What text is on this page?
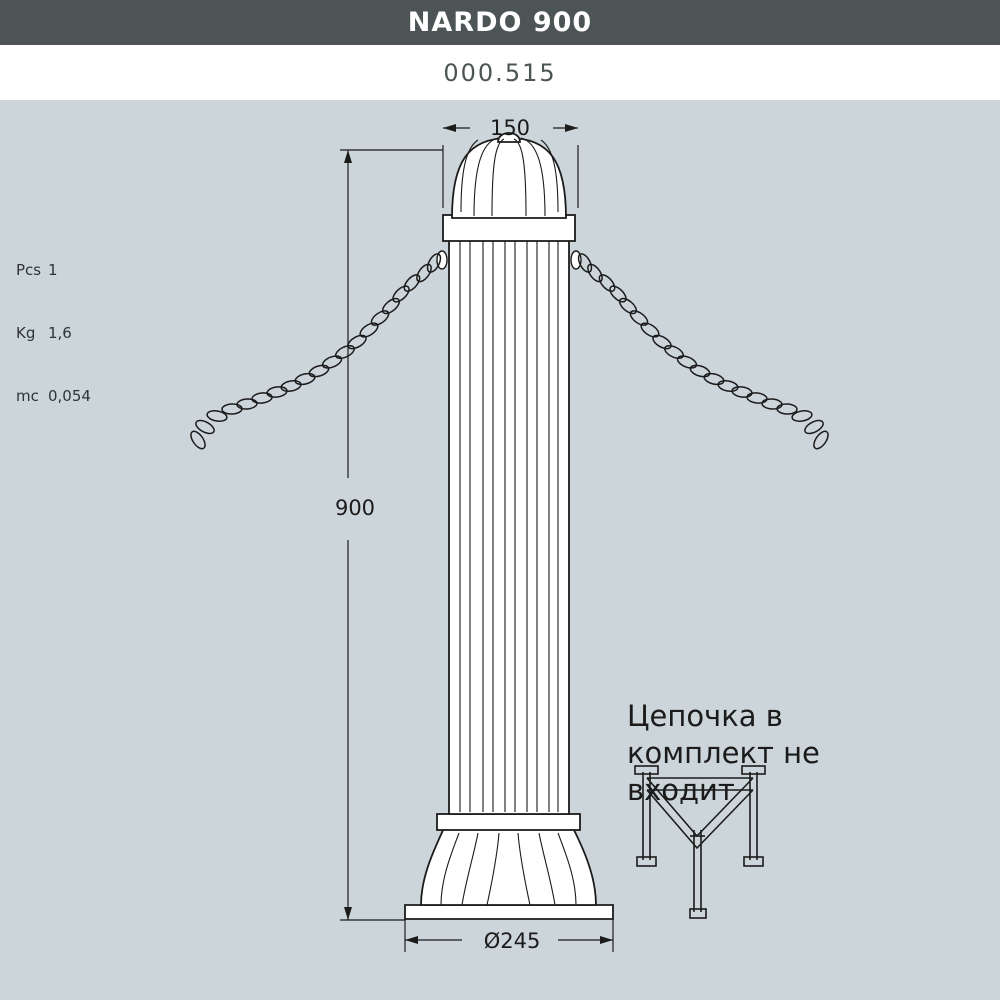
NARDO 900
000.515
150
900
Ø245

Pcs 1

Kg 1,6

mc 0,054

Цепочка в комплект не входит
